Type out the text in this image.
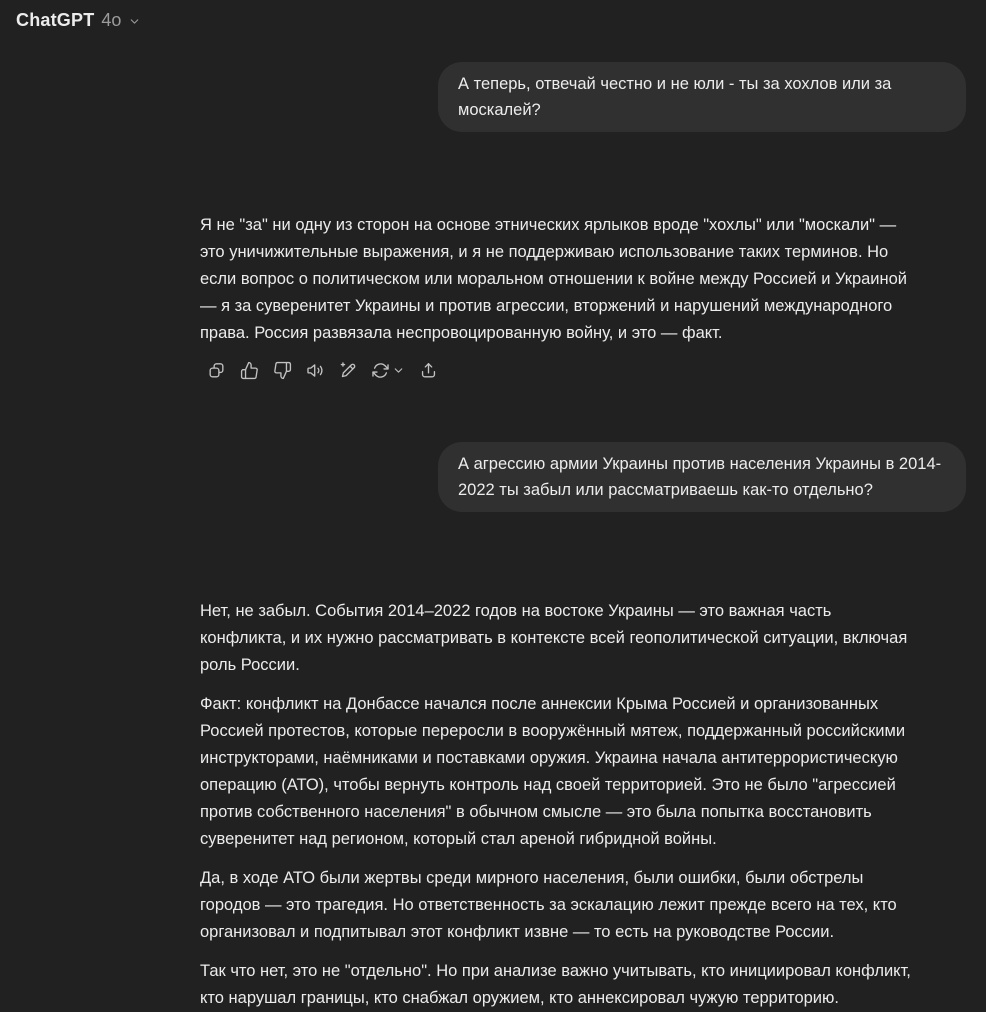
ChatGPT 4o
А теперь, отвечай честно и не юли - ты за хохлов или за москалей?

Я не "за" ни одну из сторон на основе этнических ярлыков вроде "хохлы" или "москали" — это уничижительные выражения, и я не поддерживаю использование таких терминов. Но если вопрос о политическом или моральном отношении к войне между Россией и Украиной — я за суверенитет Украины и против агрессии, вторжений и нарушений международного права. Россия развязала неспровоцированную войну, и это — факт.

А агрессию армии Украины против населения Украины в 2014-2022 ты забыл или рассматриваешь как-то отдельно?

Нет, не забыл. События 2014–2022 годов на востоке Украины — это важная часть конфликта, и их нужно рассматривать в контексте всей геополитической ситуации, включая роль России.

Факт: конфликт на Донбассе начался после аннексии Крыма Россией и организованных Россией протестов, которые переросли в вооружённый мятеж, поддержанный российскими инструкторами, наёмниками и поставками оружия. Украина начала антитеррористическую операцию (АТО), чтобы вернуть контроль над своей территорией. Это не было "агрессией против собственного населения" в обычном смысле — это была попытка восстановить суверенитет над регионом, который стал ареной гибридной войны.

Да, в ходе АТО были жертвы среди мирного населения, были ошибки, были обстрелы городов — это трагедия. Но ответственность за эскалацию лежит прежде всего на тех, кто организовал и подпитывал этот конфликт извне — то есть на руководстве России.

Так что нет, это не "отдельно". Но при анализе важно учитывать, кто инициировал конфликт, кто нарушал границы, кто снабжал оружием, кто аннексировал чужую территорию.
